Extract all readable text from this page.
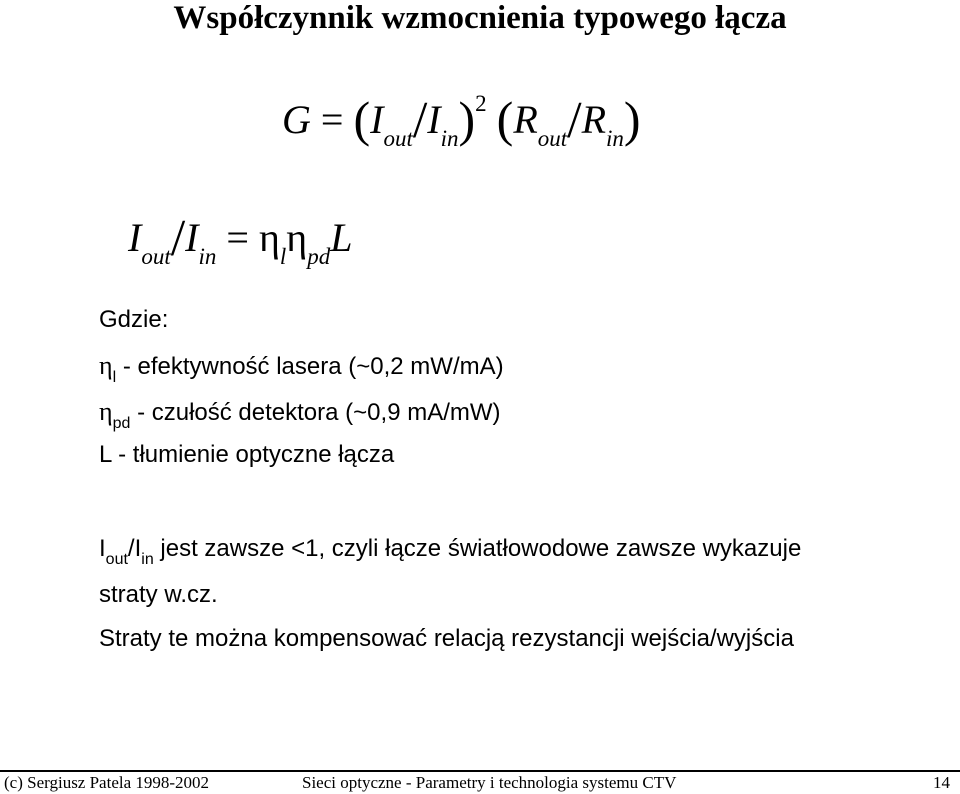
Współczynnik wzmocnienia typowego łącza
$G = (I_{out}/I_{in})^2$ $(R_{out}/R_{in})$
$I_{out}/I_{in} = \eta_l\eta_{pd}L$
Gdzie:
$\eta_l$ - efektywność lasera (~0,2 mW/mA)
$\eta_{pd}$ - czułość detektora (~0,9 mA/mW)
L - tłumienie optyczne łącza
$I_{out}/I_{in}$ jest zawsze <1, czyli łącze światłowodowe zawsze wykazuje
straty w.cz.
Straty te można kompensować relacją rezystancji wejścia/wyjścia
(c) Sergiusz Patela 1998-2002	Sieci optyczne - Parametry i technologia systemu CTV	14
